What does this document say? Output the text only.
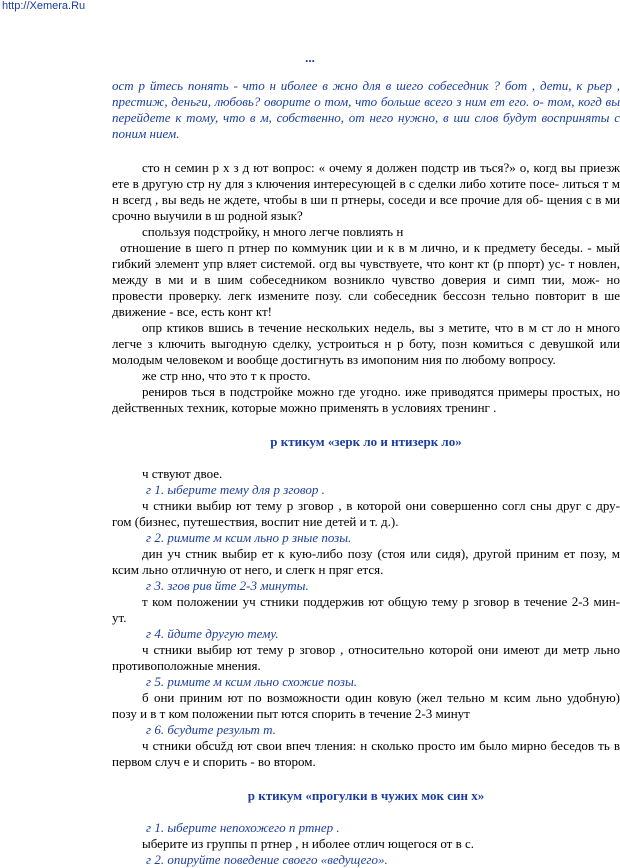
http://Xemera.Ru
...

ост р йтесь понять - что н иболее в жно для в шего собеседник ? бот , дети, к рьер , престиж, деньги, любовь? оворите о том, что больше всего з ним ет его. о- том, когд вы перейдете к тому, что в м, собственно, от него нужно, в ши слов будут восприняты с поним нием.

сто н семин р х з д ют вопрос: « очему я должен подстр ив ться?» о, когд вы приезж ете в другую стр ну для з ключения интересующей в с сделки либо хотите посе- литься т м н всегд , вы ведь не ждете, чтобы в ши п ртнеры, соседи и все прочие для об- щения с в ми срочно выучили в ш родной язык?

спользуя подстройку, н много легче повлиять н

отношение в шего п ртнер по коммуник ции и к в м лично, и к предмету беседы. - мый гибкий элемент упр вляет системой. огд вы чувствуете, что конт кт (р ппорт) ус- т новлен, между в ми и в шим собеседником возникло чувство доверия и симп тии, мож- но провести проверку. легк измените позу. сли собеседник бессозн тельно повторит в ше движение - все, есть конт кт!

опр ктиков вшись в течение нескольких недель, вы з метите, что в м ст ло н много легче з ключить выгодную сделку, устроиться н р боту, позн комиться с девушкой или молодым человеком и вообще достигнуть вз имопоним ния по любому вопросу.

же стр нно, что это т к просто.

рениров ться в подстройке можно где угодно. иже приводятся примеры простых, но действенных техник, которые можно применять в условиях тренинг .

р ктикум «зерк ло и нтизерк ло»

ч ствуют двое.

г 1. ыберите тему для р зговор .

ч стники выбир ют тему р зговор , в которой они совершенно согл сны друг с дру- гом (бизнес, путешествия, воспит ние детей и т. д.).

г 2. римите м ксим льно р зные позы.

дин уч стник выбир ет к кую-либо позу (стоя или сидя), другой приним ет позу, м ксим льно отличную от него, и слегк н пряг ется.

г 3. згов рив йте 2-3 минуты.

т ком положении уч стники поддержив ют общую тему р зговор в течение 2-3 мин- ут.

г 4. йдите другую тему.

ч стники выбир ют тему р зговор , относительно которой они имеют ди метр льно противоположные мнения.

г 5. римите м ксим льно схожие позы.

б они приним ют по возможности один ковую (жел тельно м ксим льно удобную) позу и в т ком положении пыт ются спорить в течение 2-3 минут

г 6. бсудите результ т.

ч стники обсužд ют свои впеч тления: н сколько просто им было мирно беседов ть в первом случ е и спорить - во втором.

р ктикум «прогулки в чужих мок син х»

г 1. ыберите непохожего п ртнер .

ыберите из группы п ртнер , н иболее отлич ющегося от в с.

г 2. опируйте поведение своего «ведущего».
